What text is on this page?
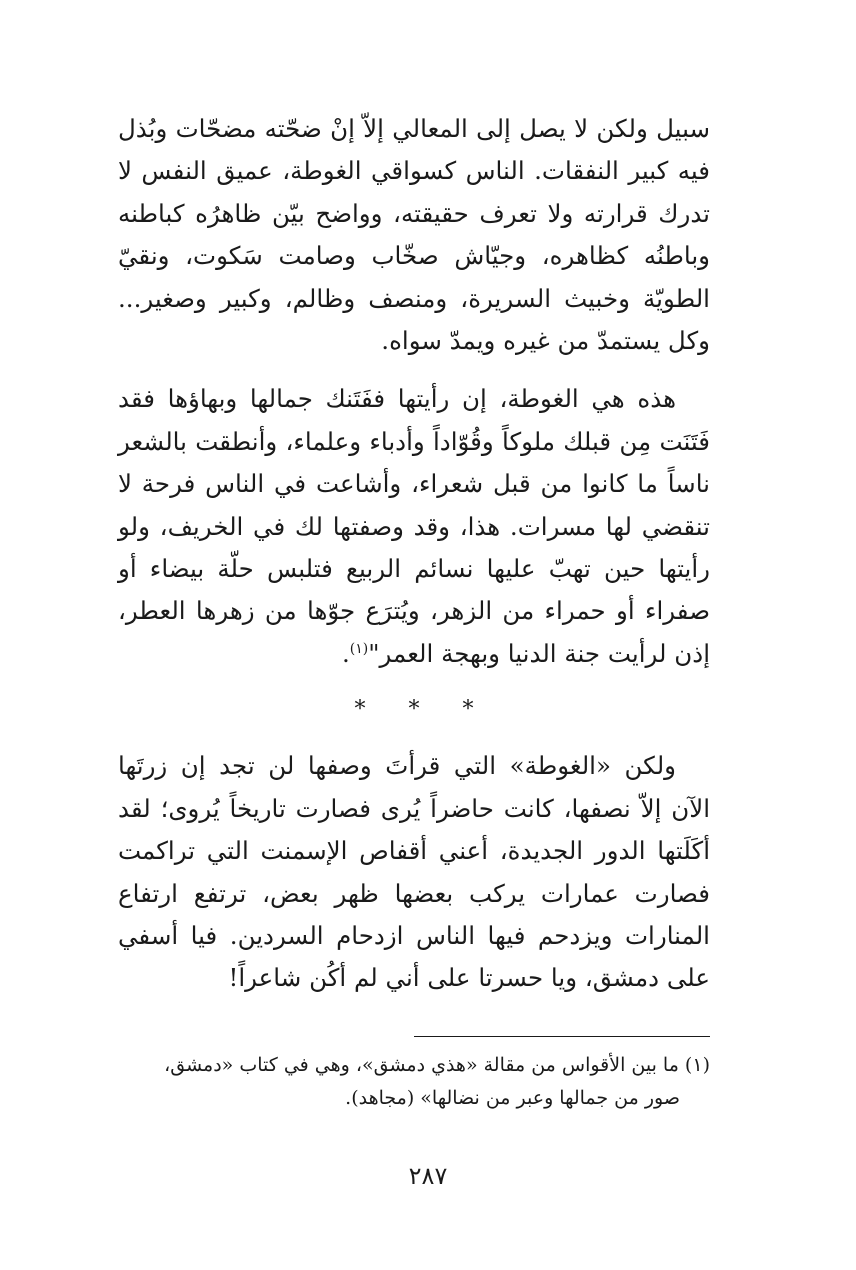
سبيل ولكن لا يصل إلى المعالي إلاّ إنْ ضحّته مضحّات وبُذل فيه كبير النفقات. الناس كسواقي الغوطة، عميق النفس لا تدرك قرارته ولا تعرف حقيقته، وواضح بيّن ظاهرُه كباطنه وباطنُه كظاهره، وجيّاش صخّاب وصامت سَكوت، ونقيّ الطويّة وخبيث السريرة، ومنصف وظالم، وكبير وصغير... وكل يستمدّ من غيره ويمدّ سواه.

هذه هي الغوطة، إن رأيتها ففَتَنك جمالها وبهاؤها فقد فَتَنَت مِن قبلك ملوكاً وقُوّاداً وأدباء وعلماء، وأنطقت بالشعر ناساً ما كانوا من قبل شعراء، وأشاعت في الناس فرحة لا تنقضي لها مسرات. هذا، وقد وصفتها لك في الخريف، ولو رأيتها حين تهبّ عليها نسائم الربيع فتلبس حلّة بيضاء أو صفراء أو حمراء من الزهر، ويُترَع جوّها من زهرها العطر، إذن لرأيت جنة الدنيا وبهجة العمر"$^{(١)}$.

* * *

ولكن «الغوطة» التي قرأتَ وصفها لن تجد إن زرتَها الآن إلاّ نصفها، كانت حاضراً يُرى فصارت تاريخاً يُروى؛ لقد أكَلَتها الدور الجديدة، أعني أقفاص الإسمنت التي تراكمت فصارت عمارات يركب بعضها ظهر بعض، ترتفع ارتفاع المنارات ويزدحم فيها الناس ازدحام السردين. فيا أسفي على دمشق، ويا حسرتا على أني لم أكُن شاعراً!

(١) ما بين الأقواس من مقالة «هذي دمشق»، وهي في كتاب «دمشق،
صور من جمالها وعبر من نضالها» (مجاهد).

٢٨٧
